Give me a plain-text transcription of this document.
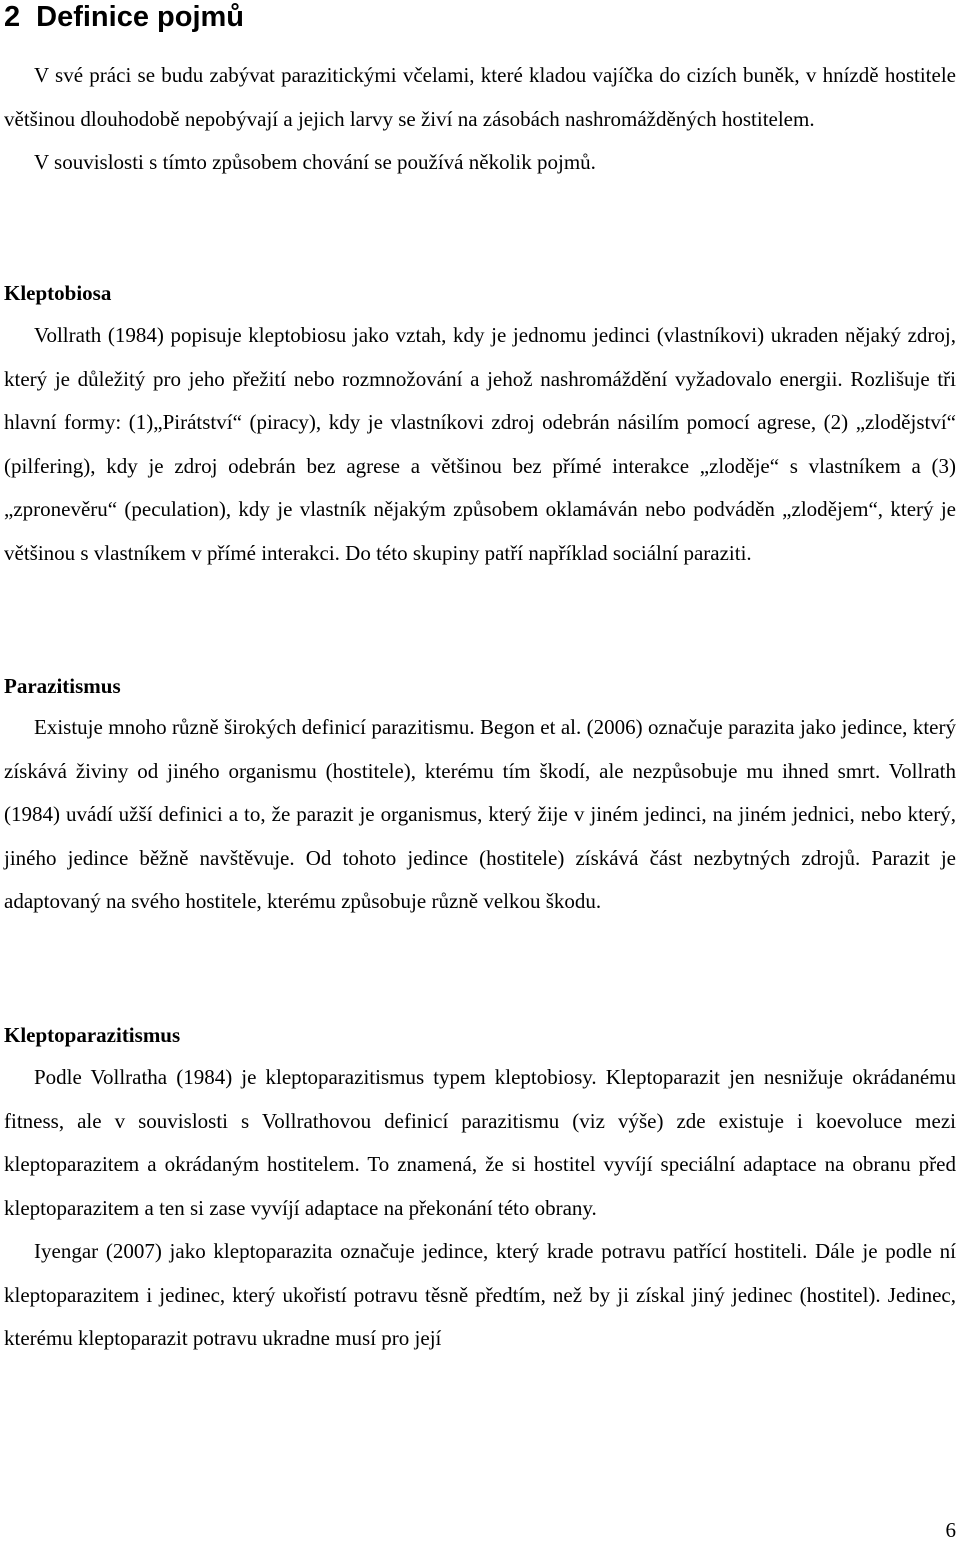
2 Definice pojmů

V své práci se budu zabývat parazitickými včelami, které kladou vajíčka do cizích buněk, v hnízdě hostitele většinou dlouhodobě nepobývají a jejich larvy se živí na zásobách nashromážděných hostitelem.

V souvislosti s tímto způsobem chování se používá několik pojmů.

Kleptobiosa

Vollrath (1984) popisuje kleptobiosu jako vztah, kdy je jednomu jedinci (vlastníkovi) ukraden nějaký zdroj, který je důležitý pro jeho přežití nebo rozmnožování a jehož nashromáždění vyžadovalo energii. Rozlišuje tři hlavní formy: (1)„Pirátství“ (piracy), kdy je vlastníkovi zdroj odebrán násilím pomocí agrese, (2) „zlodějství“ (pilfering), kdy je zdroj odebrán bez agrese a většinou bez přímé interakce „zloděje“ s vlastníkem a (3) „zpronevěru“ (peculation), kdy je vlastník nějakým způsobem oklamáván nebo podváděn „zlodějem“, který je většinou s vlastníkem v přímé interakci. Do této skupiny patří například sociální paraziti.

Parazitismus

Existuje mnoho různě širokých definicí parazitismu. Begon et al. (2006) označuje parazita jako jedince, který získává živiny od jiného organismu (hostitele), kterému tím škodí, ale nezpůsobuje mu ihned smrt. Vollrath (1984) uvádí užší definici a to, že parazit je organismus, který žije v jiném jedinci, na jiném jednici, nebo který, jiného jedince běžně navštěvuje. Od tohoto jedince (hostitele) získává část nezbytných zdrojů. Parazit je adaptovaný na svého hostitele, kterému způsobuje různě velkou škodu.

Kleptoparazitismus

Podle Vollratha (1984) je kleptoparazitismus typem kleptobiosy. Kleptoparazit jen nesnižuje okrádanému fitness, ale v souvislosti s Vollrathovou definicí parazitismu (viz výše) zde existuje i koevoluce mezi kleptoparazitem a okrádaným hostitelem. To znamená, že si hostitel vyvíjí speciální adaptace na obranu před kleptoparazitem a ten si zase vyvíjí adaptace na překonání této obrany.

Iyengar (2007) jako kleptoparazita označuje jedince, který krade potravu patřící hostiteli. Dále je podle ní kleptoparazitem i jedinec, který ukořistí potravu těsně předtím, než by ji získal jiný jedinec (hostitel). Jedinec, kterému kleptoparazit potravu ukradne musí pro její

6
